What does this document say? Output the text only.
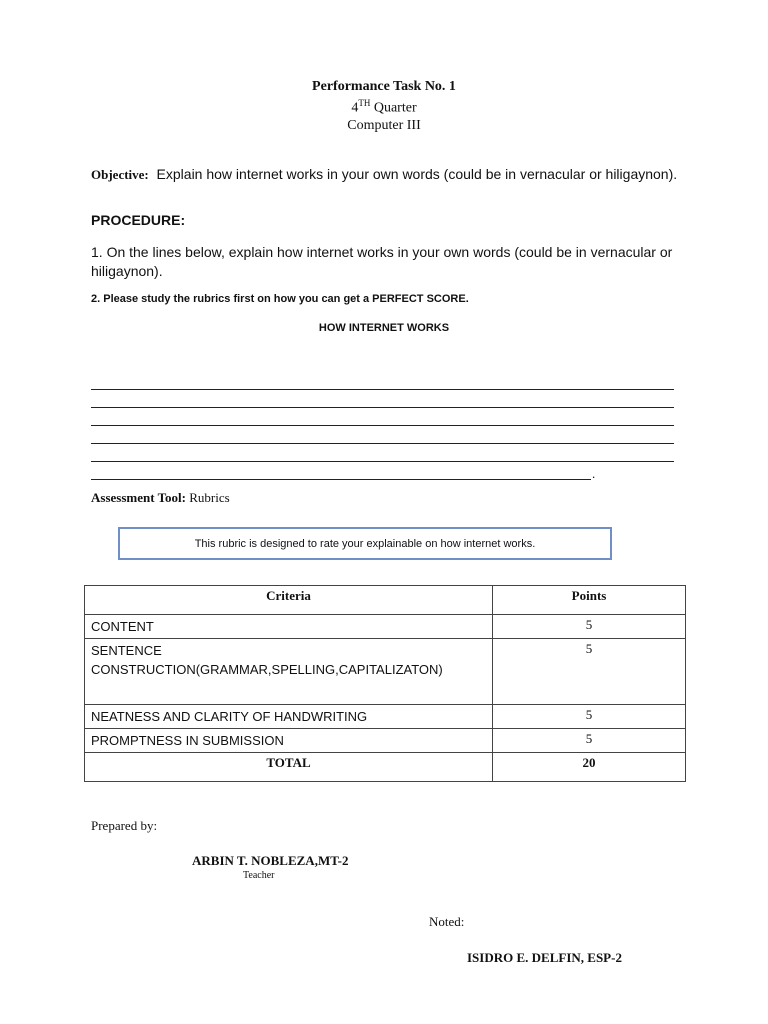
Performance Task No. 1
4TH Quarter
Computer III
Objective: Explain how internet works in your own words (could be in vernacular or hiligaynon).
PROCEDURE:
1. On the lines below, explain how internet works in your own words (could be in vernacular or hiligaynon).
2. Please study the rubrics first on how you can get a PERFECT SCORE.
HOW INTERNET WORKS
.
Assessment Tool: Rubrics
This rubric is designed to rate your explainable on how internet works.
Criteria	Points
CONTENT	5
SENTENCE CONSTRUCTION(GRAMMAR,SPELLING,CAPITALIZATON)	5
NEATNESS AND CLARITY OF HANDWRITING	5
PROMPTNESS IN SUBMISSION	5
TOTAL	20
Prepared by:
ARBIN T. NOBLEZA,MT-2
Teacher
Noted:
ISIDRO E. DELFIN, ESP-2
